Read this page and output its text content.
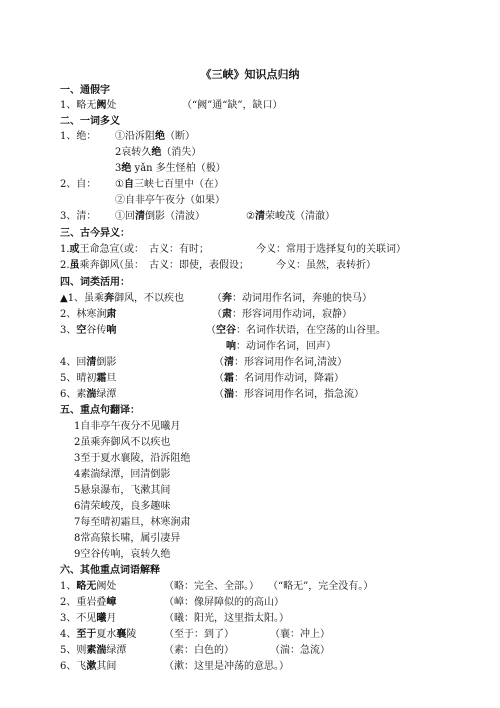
《三峡》知识点归纳
一、通假字
1、略无阙处	（“阙”通“缺”，缺口）
二、一词多义
1、绝： ①沿泝阻绝（断）
2哀转久绝（消失）
3绝 yǎn 多生怪柏（极）
2、自： ①自三峡七百里中（在）
②自非亭午夜分（如果）
3、清： ①回清倒影（清波）	②清荣峻茂（清澈）
三、古今异义：
1.或王命急宣
（或：　古义：有时；	今义：常用于选择复句的关联词）
2.虽乘奔御风
（虽：　古义：即使，表假设；	今义：虽然，表转折）
四、词类活用：
▲1、虽乘奔御风，不以疾也	（奔：动词用作名词，奔驰的快马）
2、林寒涧肃	（肃：形容词用作动词，寂静）
3、空谷传响	（空谷：名词作状语，在空荡的山谷里。
响：动词作名词，回声）
4、回清倒影	（清：形容词用作名词,清波）
5、晴初霜旦	（霜：名词用作动词，降霜）
6、素湍绿潭	（湍：形容词用作名词，指急流）
五、重点句翻译：
1自非亭午夜分不见曦月
2虽乘奔御风不以疾也
3至于夏水襄陵，沿泝阻绝
4素湍绿潭，回清倒影
5悬泉瀑布，飞漱其间
6清荣峻茂，良多趣味
7每至晴初霜旦，林寒涧肃
8常高猿长啸，属引凄异
9空谷传响，哀转久绝
六、其他重点词语解释
1、略无阙处	（略：完全、全部。） （“略无”，完全没有。）
2、重岩叠嶂	（嶂：像屏障似的的高山）
3、不见曦月	（曦：阳光，这里指太阳。）
4、至于夏水襄陵	（至于：到了）	（襄：冲上）
5、则素湍绿潭	（素：白色的）	（湍：急流）
6、飞漱其间	（漱：这里是冲荡的意思。）
